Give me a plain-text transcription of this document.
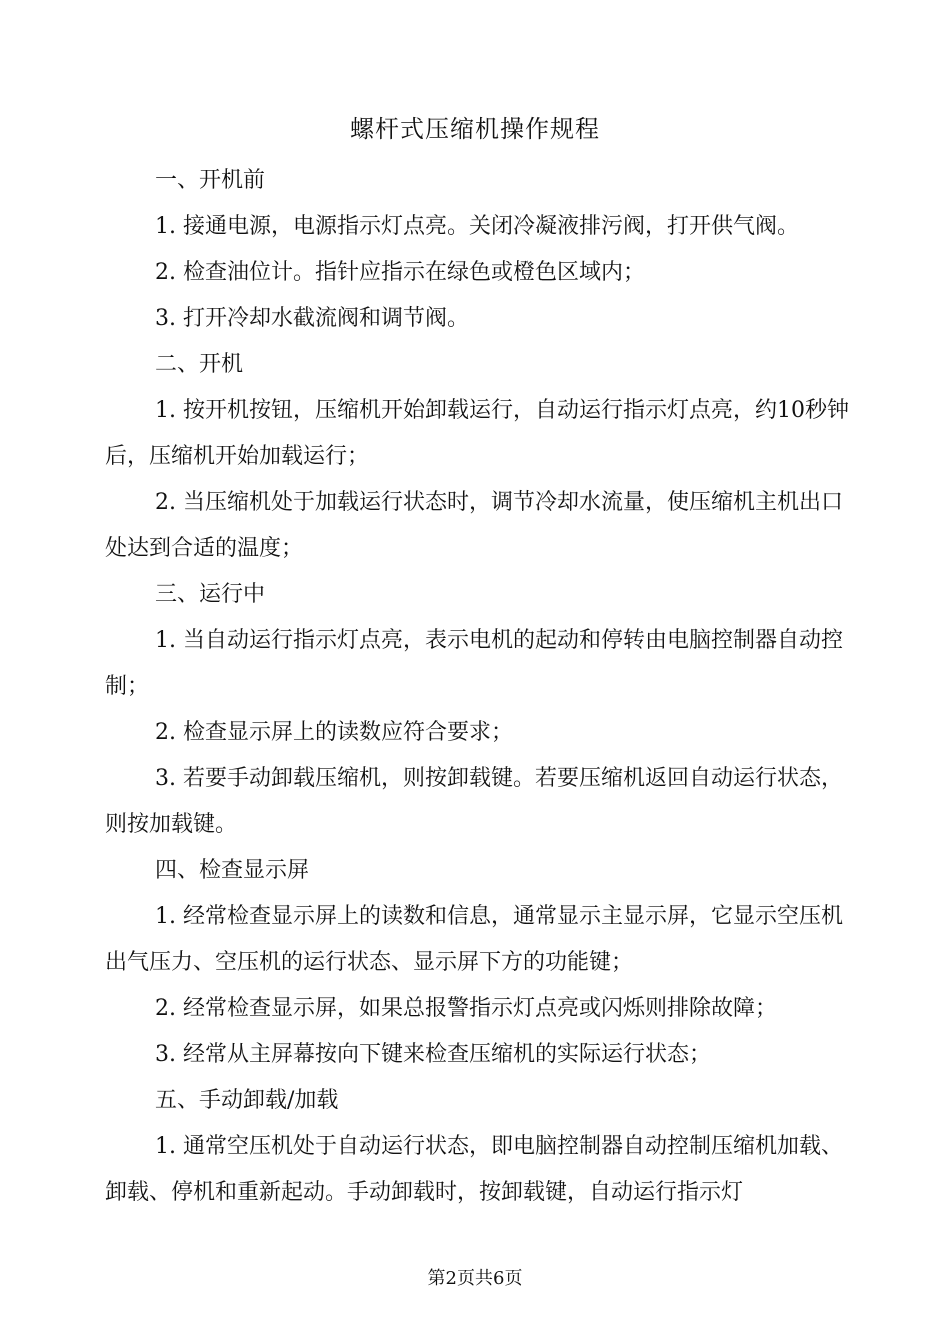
螺杆式压缩机操作规程

一、开机前

1. 接通电源，电源指示灯点亮。关闭冷凝液排污阀，打开供气阀。

2. 检查油位计。指针应指示在绿色或橙色区域内；

3. 打开冷却水截流阀和调节阀。

二、开机

1. 按开机按钮，压缩机开始卸载运行，自动运行指示灯点亮，约10秒钟后，压缩机开始加载运行；

2. 当压缩机处于加载运行状态时，调节冷却水流量，使压缩机主机出口处达到合适的温度；

三、运行中

1. 当自动运行指示灯点亮，表示电机的起动和停转由电脑控制器自动控制；

2. 检查显示屏上的读数应符合要求；

3. 若要手动卸载压缩机，则按卸载键。若要压缩机返回自动运行状态，则按加载键。

四、检查显示屏

1. 经常检查显示屏上的读数和信息，通常显示主显示屏，它显示空压机出气压力、空压机的运行状态、显示屏下方的功能键；

2. 经常检查显示屏，如果总报警指示灯点亮或闪烁则排除故障；

3. 经常从主屏幕按向下键来检查压缩机的实际运行状态；

五、手动卸载/加载

1. 通常空压机处于自动运行状态，即电脑控制器自动控制压缩机加载、卸载、停机和重新起动。手动卸载时，按卸载键，自动运行指示灯

第2页共6页
